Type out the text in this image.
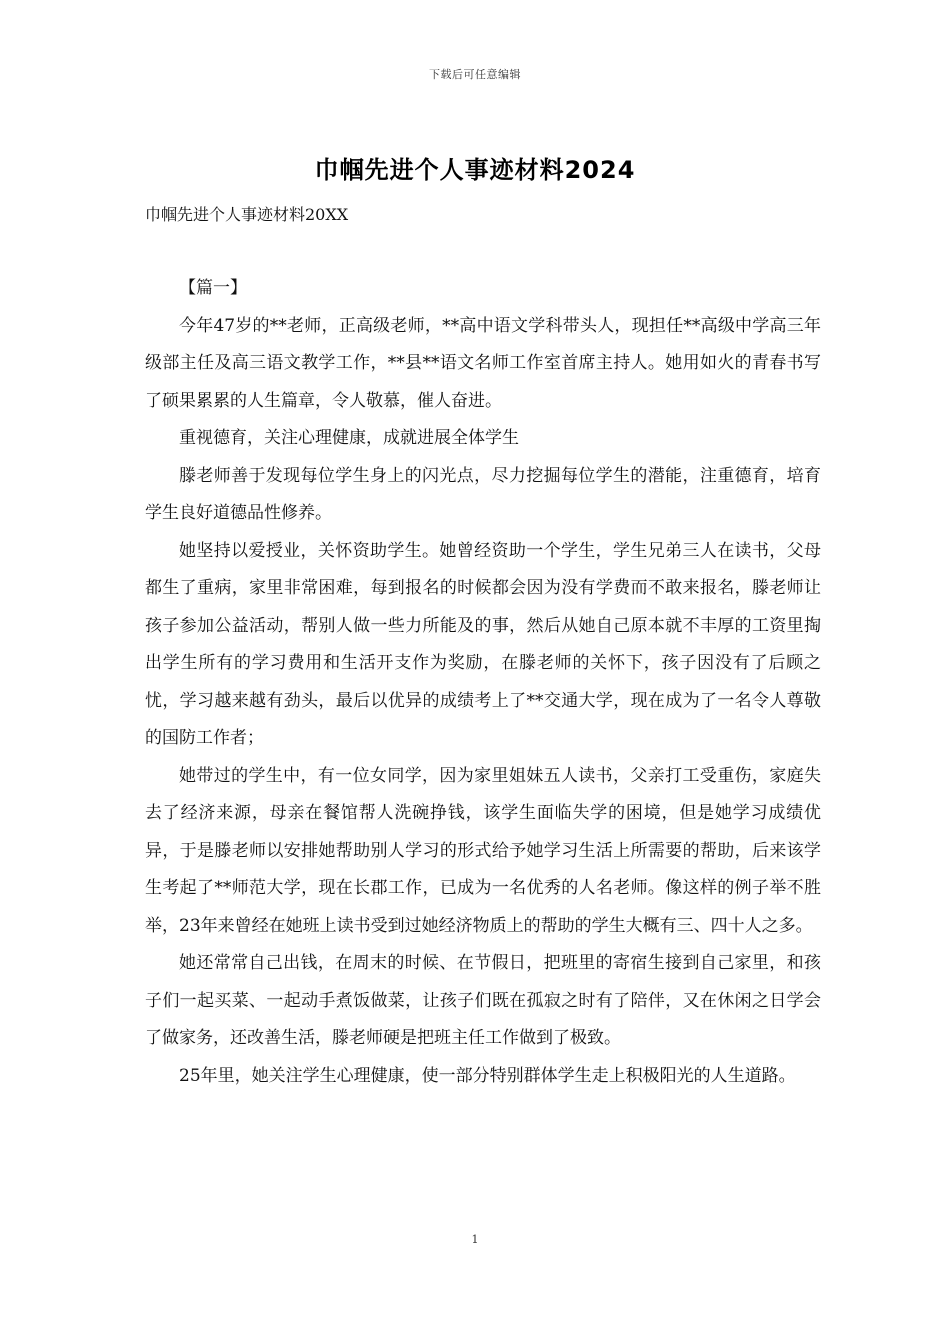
下载后可任意编辑
巾帼先进个人事迹材料2024
巾帼先进个人事迹材料20XX

【篇一】

今年47岁的**老师，正高级老师，**高中语文学科带头人，现担任**高级中学高三年级部主任及高三语文教学工作，**县**语文名师工作室首席主持人。她用如火的青春书写了硕果累累的人生篇章，令人敬慕，催人奋进。

重视德育，关注心理健康，成就进展全体学生

滕老师善于发现每位学生身上的闪光点，尽力挖掘每位学生的潜能，注重德育，培育学生良好道德品性修养。

她坚持以爱授业，关怀资助学生。她曾经资助一个学生，学生兄弟三人在读书，父母都生了重病，家里非常困难，每到报名的时候都会因为没有学费而不敢来报名，滕老师让孩子参加公益活动，帮别人做一些力所能及的事，然后从她自己原本就不丰厚的工资里掏出学生所有的学习费用和生活开支作为奖励，在滕老师的关怀下，孩子因没有了后顾之忧，学习越来越有劲头，最后以优异的成绩考上了**交通大学，现在成为了一名令人尊敬的国防工作者；

她带过的学生中，有一位女同学，因为家里姐妹五人读书，父亲打工受重伤，家庭失去了经济来源，母亲在餐馆帮人洗碗挣钱，该学生面临失学的困境，但是她学习成绩优异，于是滕老师以安排她帮助别人学习的形式给予她学习生活上所需要的帮助，后来该学生考起了**师范大学，现在长郡工作，已成为一名优秀的人名老师。像这样的例子举不胜举，23年来曾经在她班上读书受到过她经济物质上的帮助的学生大概有三、四十人之多。

她还常常自己出钱，在周末的时候、在节假日，把班里的寄宿生接到自己家里，和孩子们一起买菜、一起动手煮饭做菜，让孩子们既在孤寂之时有了陪伴，又在休闲之日学会了做家务，还改善生活，滕老师硬是把班主任工作做到了极致。

25年里，她关注学生心理健康，使一部分特别群体学生走上积极阳光的人生道路。

1
